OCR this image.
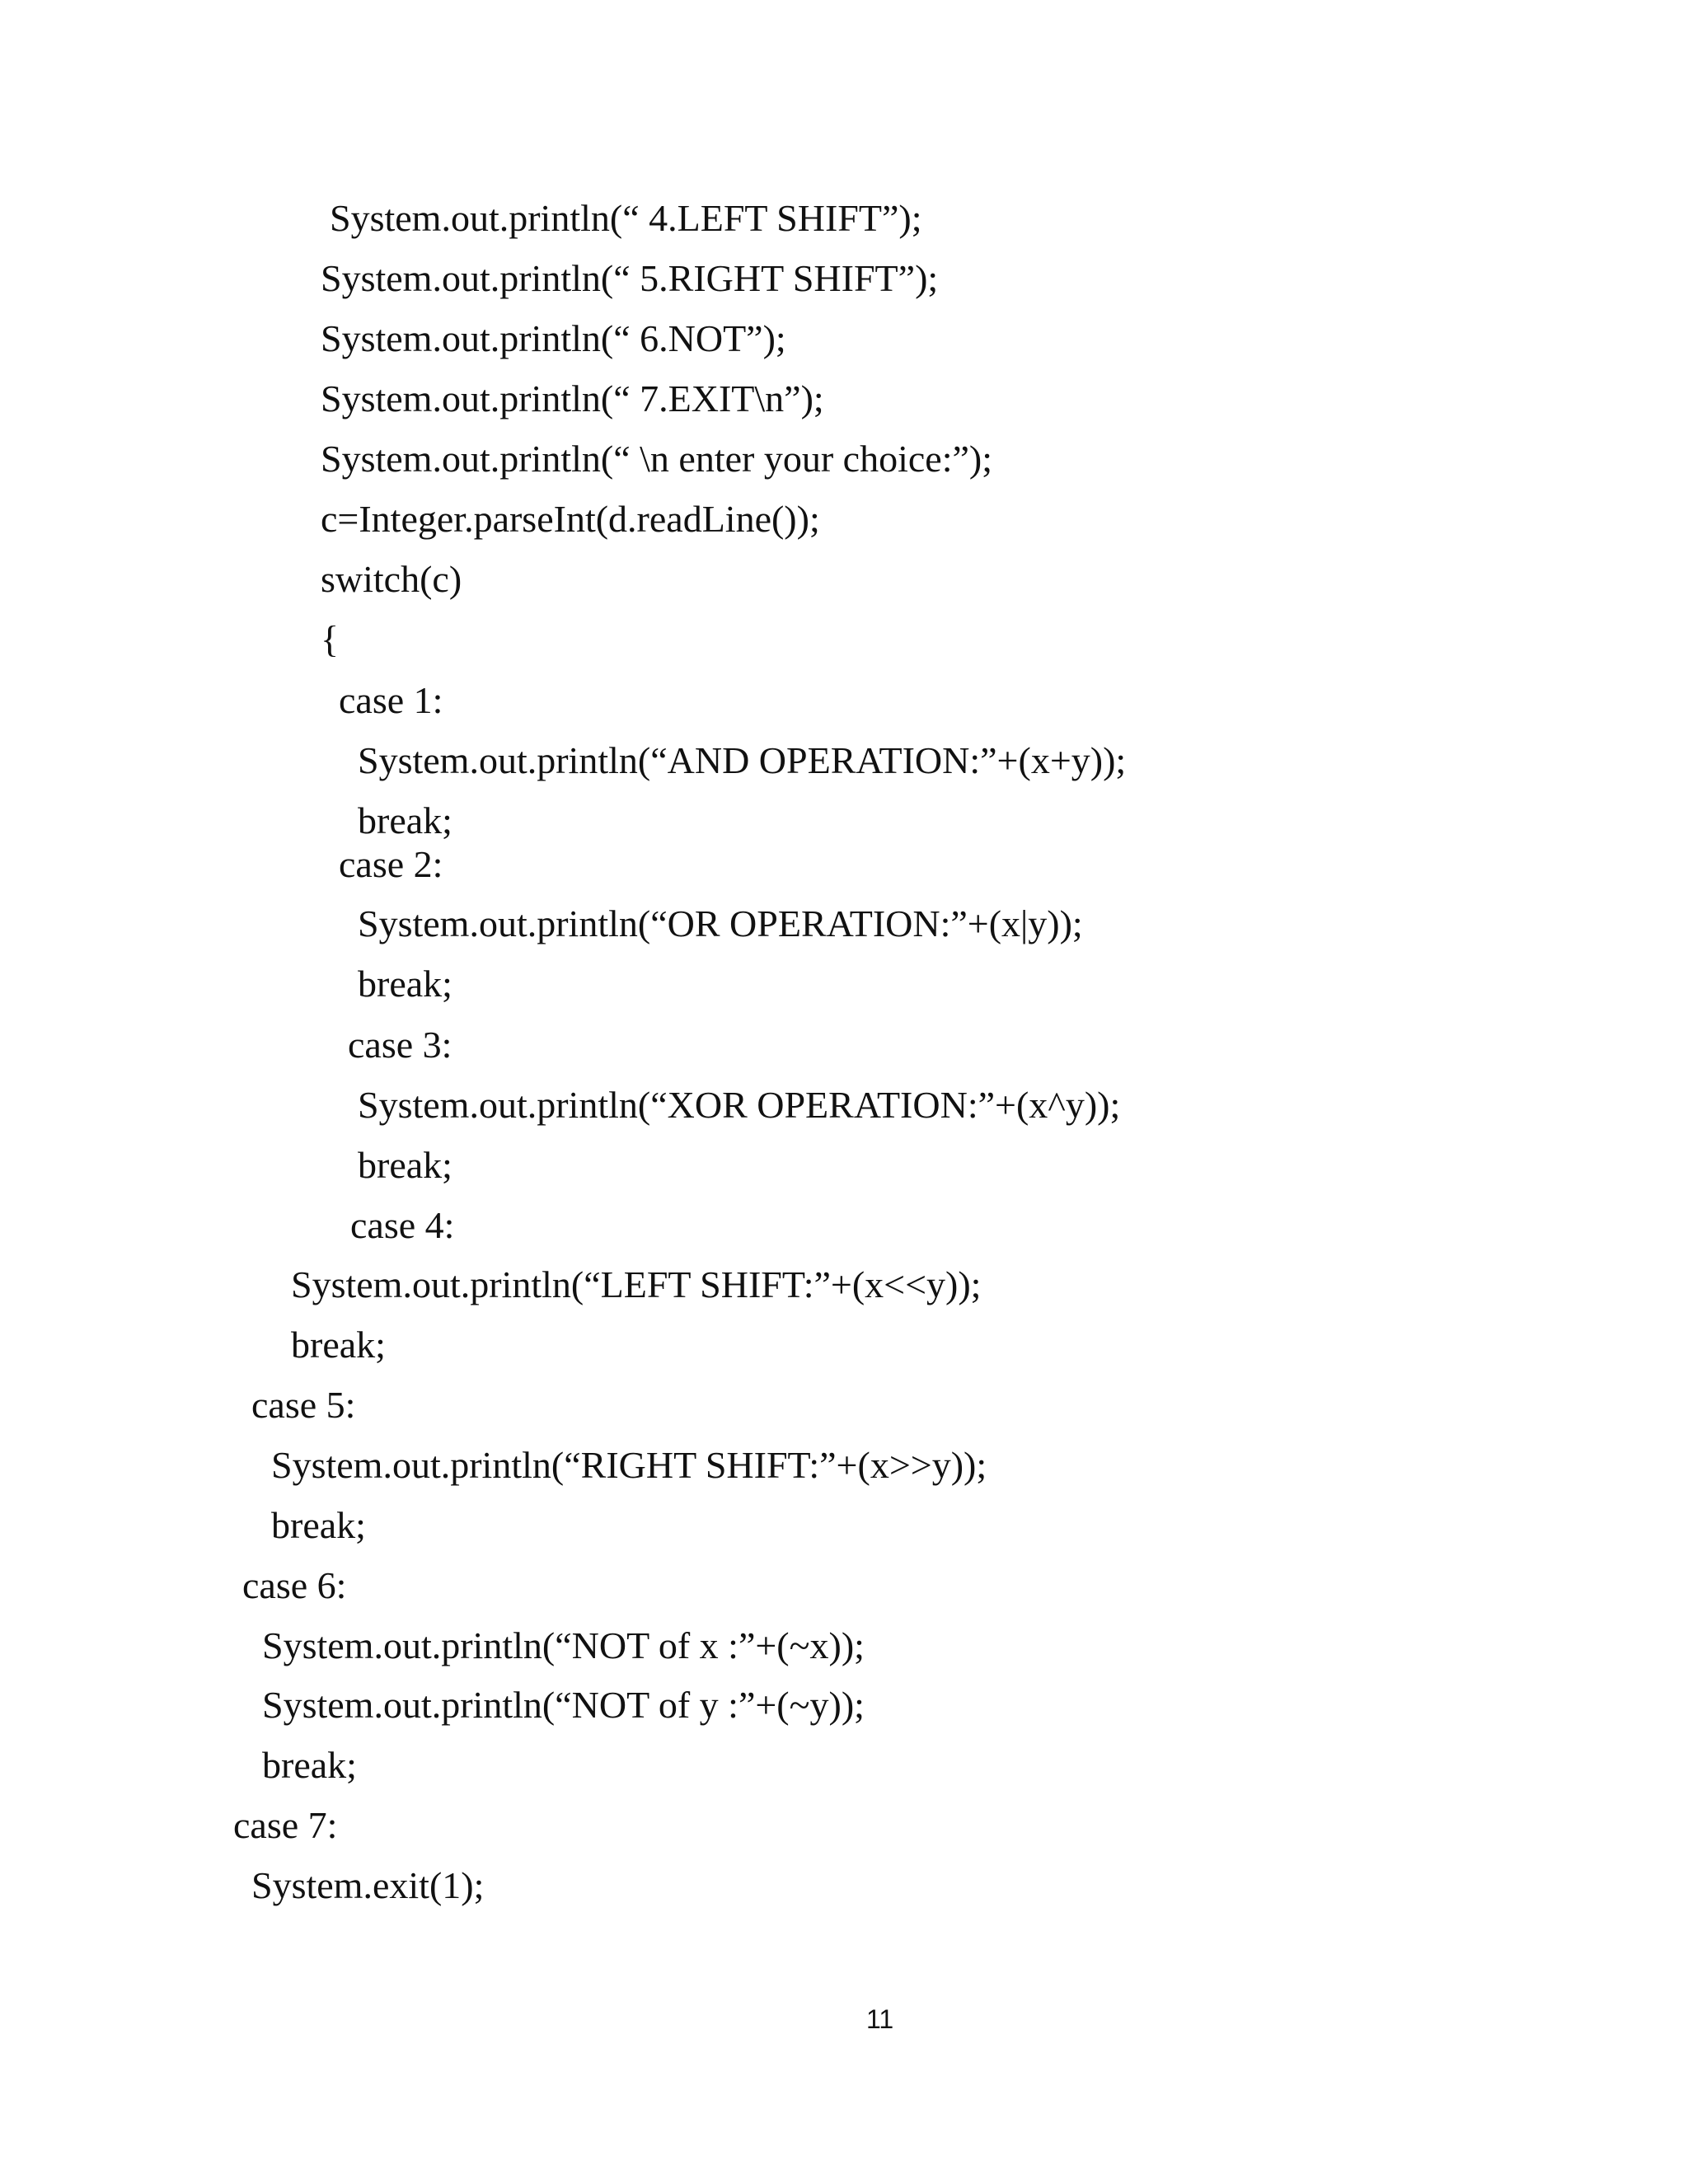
System.out.println(“ 4.LEFT SHIFT”);
System.out.println(“ 5.RIGHT SHIFT”);
System.out.println(“ 6.NOT”);
System.out.println(“ 7.EXIT\n”);
System.out.println(“ \n enter your choice:”);
c=Integer.parseInt(d.readLine());
switch(c)
{
case 1:
System.out.println(“AND OPERATION:”+(x+y));
break;
case 2:
System.out.println(“OR OPERATION:”+(x|y));
break;
case 3:
System.out.println(“XOR OPERATION:”+(x^y));
break;
case 4:
System.out.println(“LEFT SHIFT:”+(x<<y));
break;
case 5:
System.out.println(“RIGHT SHIFT:”+(x>>y));
break;
case 6:
System.out.println(“NOT of x :”+(~x));
System.out.println(“NOT of y :”+(~y));
break;
case 7:
System.exit(1);
11
